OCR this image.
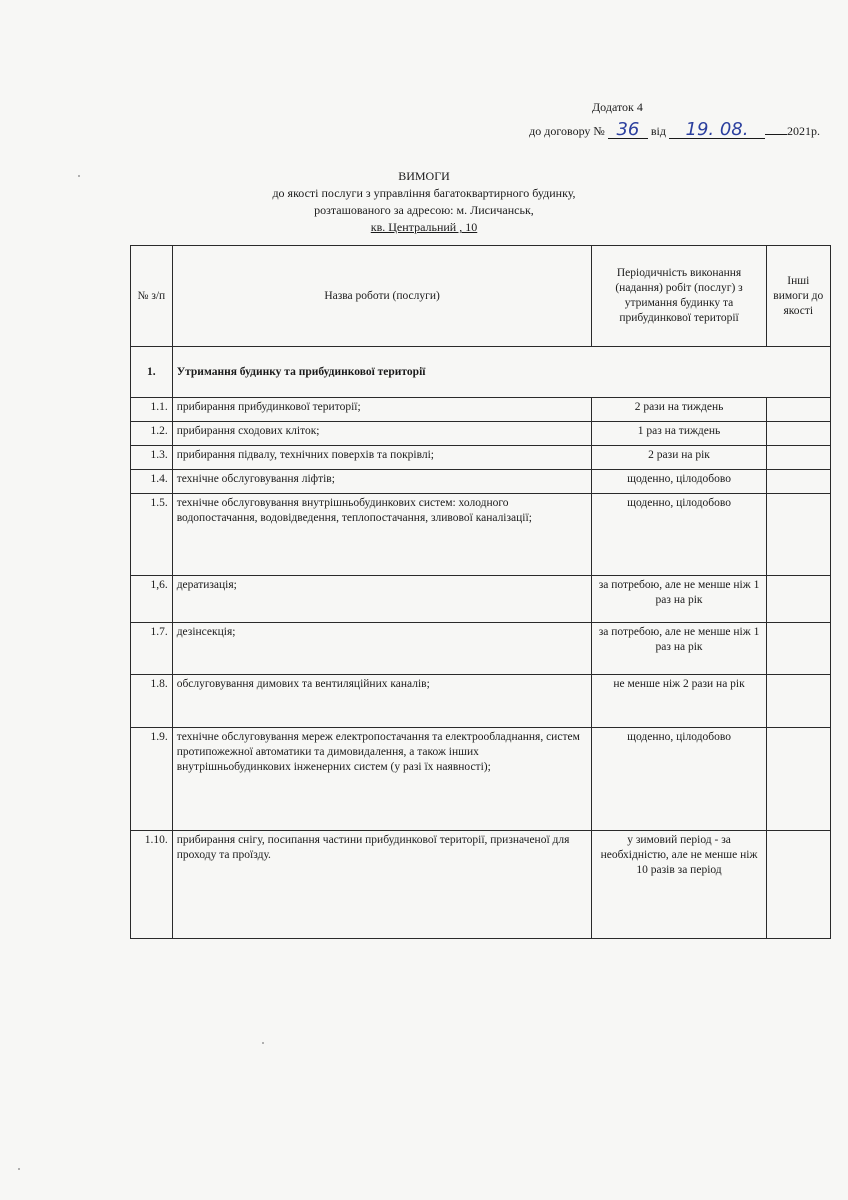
Додаток 4
до договору № 36 від 19. 08.	2021р.
ВИМОГИ
до якості послуги з управління багатоквартирного будинку,
розташованого за адресою: м. Лисичанськ,
кв. Центральний , 10
№ з/п	Назва роботи (послуги)	Періодичність виконання (надання) робіт (послуг) з утримання будинку та прибудинкової території	Інші вимоги до якості
1.	Утримання будинку та прибудинкової території		
1.1.	прибирання прибудинкової території;	2 рази на тиждень	
1.2.	прибирання сходових кліток;	1 раз на тиждень	
1.3.	прибирання підвалу, технічних поверхів та покрівлі;	2 рази на рік	
1.4.	технічне обслуговування ліфтів;	щоденно, цілодобово	
1.5.	технічне обслуговування внутрішньобудинкових систем: холодного водопостачання, водовідведення, теплопостачання, зливової каналізації;	щоденно, цілодобово	
1,6.	дератизація;	за потребою, але не менше ніж 1 раз на рік	
1.7.	дезінсекція;	за потребою, але не менше ніж 1 раз на рік	
1.8.	обслуговування димових та вентиляційних каналів;	не менше ніж 2 рази на рік	
1.9.	технічне обслуговування мереж електропостачання та електрообладнання, систем протипожежної автоматики та димовидалення, а також інших внутрішньобудинкових інженерних систем (у разі їх наявності);	щоденно, цілодобово	
1.10.	прибирання снігу, посипання частини прибудинкової території, призначеної для проходу та проїзду.	у зимовий період - за необхідністю, але не менше ніж 10 разів за період	
